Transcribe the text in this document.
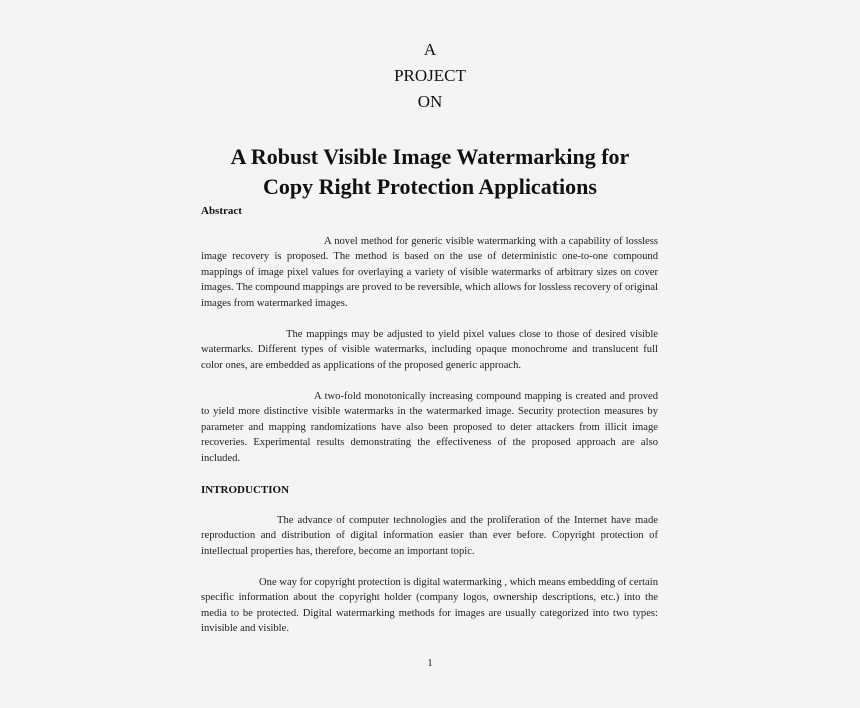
A
PROJECT
ON
A Robust Visible Image Watermarking for
Copy Right Protection Applications
Abstract

A novel method for generic visible watermarking with a capability of lossless image recovery is proposed. The method is based on the use of deterministic one-to-one compound mappings of image pixel values for overlaying a variety of visible watermarks of arbitrary sizes on cover images. The compound mappings are proved to be reversible, which allows for lossless recovery of original images from watermarked images.

The mappings may be adjusted to yield pixel values close to those of desired visible watermarks. Different types of visible watermarks, including opaque monochrome and translucent full color ones, are embedded as applications of the proposed generic approach.

A two-fold monotonically increasing compound mapping is created and proved to yield more distinctive visible watermarks in the watermarked image. Security protection measures by parameter and mapping randomizations have also been proposed to deter attackers from illicit image recoveries. Experimental results demonstrating the effectiveness of the proposed approach are also included.

INTRODUCTION

The advance of computer technologies and the proliferation of the Internet have made reproduction and distribution of digital information easier than ever before. Copyright protection of intellectual properties has, therefore, become an important topic.

One way for copyright protection is digital watermarking , which means embedding of certain specific information about the copyright holder (company logos, ownership descriptions, etc.) into the media to be protected. Digital watermarking methods for images are usually categorized into two types: invisible and visible.

1
